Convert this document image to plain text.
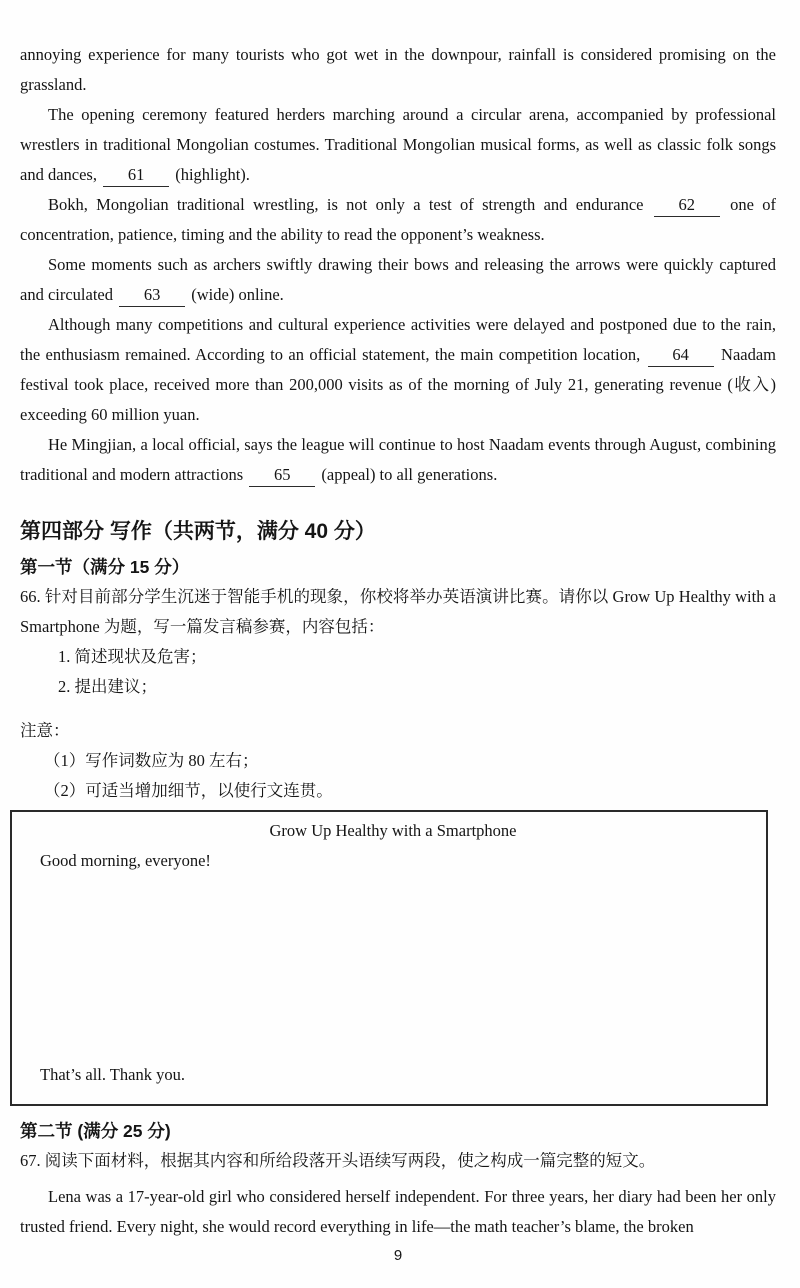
annoying experience for many tourists who got wet in the downpour, rainfall is considered promising on the grassland.

The opening ceremony featured herders marching around a circular arena, accompanied by professional wrestlers in traditional Mongolian costumes. Traditional Mongolian musical forms, as well as classic folk songs and dances, 61 (highlight).

Bokh, Mongolian traditional wrestling, is not only a test of strength and endurance 62 one of concentration, patience, timing and the ability to read the opponent’s weakness.

Some moments such as archers swiftly drawing their bows and releasing the arrows were quickly captured and circulated 63 (wide) online.

Although many competitions and cultural experience activities were delayed and postponed due to the rain, the enthusiasm remained. According to an official statement, the main competition location, 64 Naadam festival took place, received more than 200,000 visits as of the morning of July 21, generating revenue (收入) exceeding 60 million yuan.

He Mingjian, a local official, says the league will continue to host Naadam events through August, combining traditional and modern attractions 65 (appeal) to all generations.

第四部分 写作（共两节，满分 40 分）
第一节（满分 15 分）

66. 针对目前部分学生沉迷于智能手机的现象，你校将举办英语演讲比赛。请你以 Grow Up Healthy with a Smartphone 为题，写一篇发言稿参赛，内容包括：

1. 简述现状及危害；

2. 提出建议；

注意：

（1）写作词数应为 80 左右；

（2）可适当增加细节，以使行文连贯。

Grow Up Healthy with a Smartphone

Good morning, everyone!

That’s all. Thank you.

第二节 (满分 25 分)

67. 阅读下面材料，根据其内容和所给段落开头语续写两段，使之构成一篇完整的短文。

Lena was a 17-year-old girl who considered herself independent. For three years, her diary had been her only trusted friend. Every night, she would record everything in life—the math teacher’s blame, the broken

9
